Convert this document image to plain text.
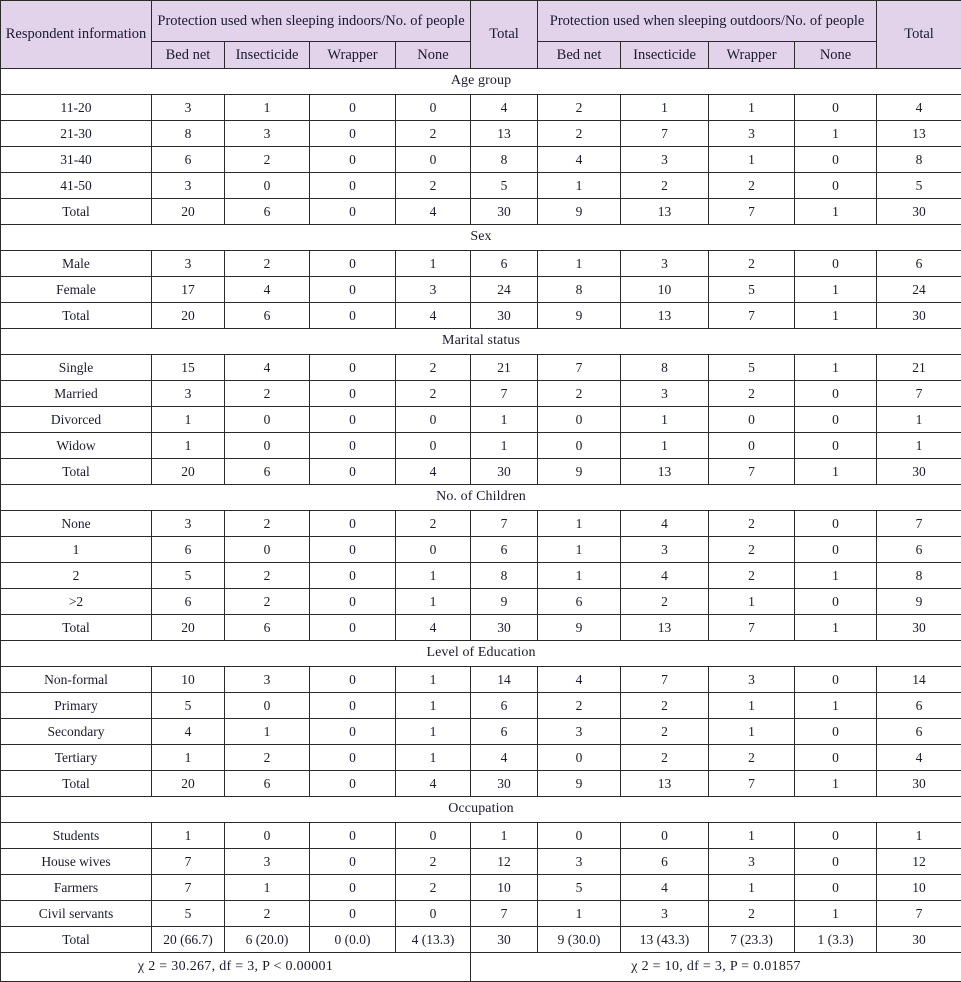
Respondent information	Protection used when sleeping indoors/No. of people				Total	Protection used when sleeping outdoors/No. of people				Total
	Bed net	Insecticide	Wrapper	None		Bed net	Insecticide	Wrapper	None	
Age group										
11-20	3	1	0	0	4	2	1	1	0	4
21-30	8	3	0	2	13	2	7	3	1	13
31-40	6	2	0	0	8	4	3	1	0	8
41-50	3	0	0	2	5	1	2	2	0	5
Total	20	6	0	4	30	9	13	7	1	30
Sex										
Male	3	2	0	1	6	1	3	2	0	6
Female	17	4	0	3	24	8	10	5	1	24
Total	20	6	0	4	30	9	13	7	1	30
Marital status										
Single	15	4	0	2	21	7	8	5	1	21
Married	3	2	0	2	7	2	3	2	0	7
Divorced	1	0	0	0	1	0	1	0	0	1
Widow	1	0	0	0	1	0	1	0	0	1
Total	20	6	0	4	30	9	13	7	1	30
No. of Children										
None	3	2	0	2	7	1	4	2	0	7
1	6	0	0	0	6	1	3	2	0	6
2	5	2	0	1	8	1	4	2	1	8
>2	6	2	0	1	9	6	2	1	0	9
Total	20	6	0	4	30	9	13	7	1	30
Level of Education										
Non-formal	10	3	0	1	14	4	7	3	0	14
Primary	5	0	0	1	6	2	2	1	1	6
Secondary	4	1	0	1	6	3	2	1	0	6
Tertiary	1	2	0	1	4	0	2	2	0	4
Total	20	6	0	4	30	9	13	7	1	30
Occupation										
Students	1	0	0	0	1	0	0	1	0	1
House wives	7	3	0	2	12	3	6	3	0	12
Farmers	7	1	0	2	10	5	4	1	0	10
Civil servants	5	2	0	0	7	1	3	2	1	7
Total	20 (66.7)	6 (20.0)	0 (0.0)	4 (13.3)	30	9 (30.0)	13 (43.3)	7 (23.3)	1 (3.3)	30
χ 2 = 30.267, df = 3, P < 0.00001					χ 2 = 10, df = 3, P = 0.01857					
